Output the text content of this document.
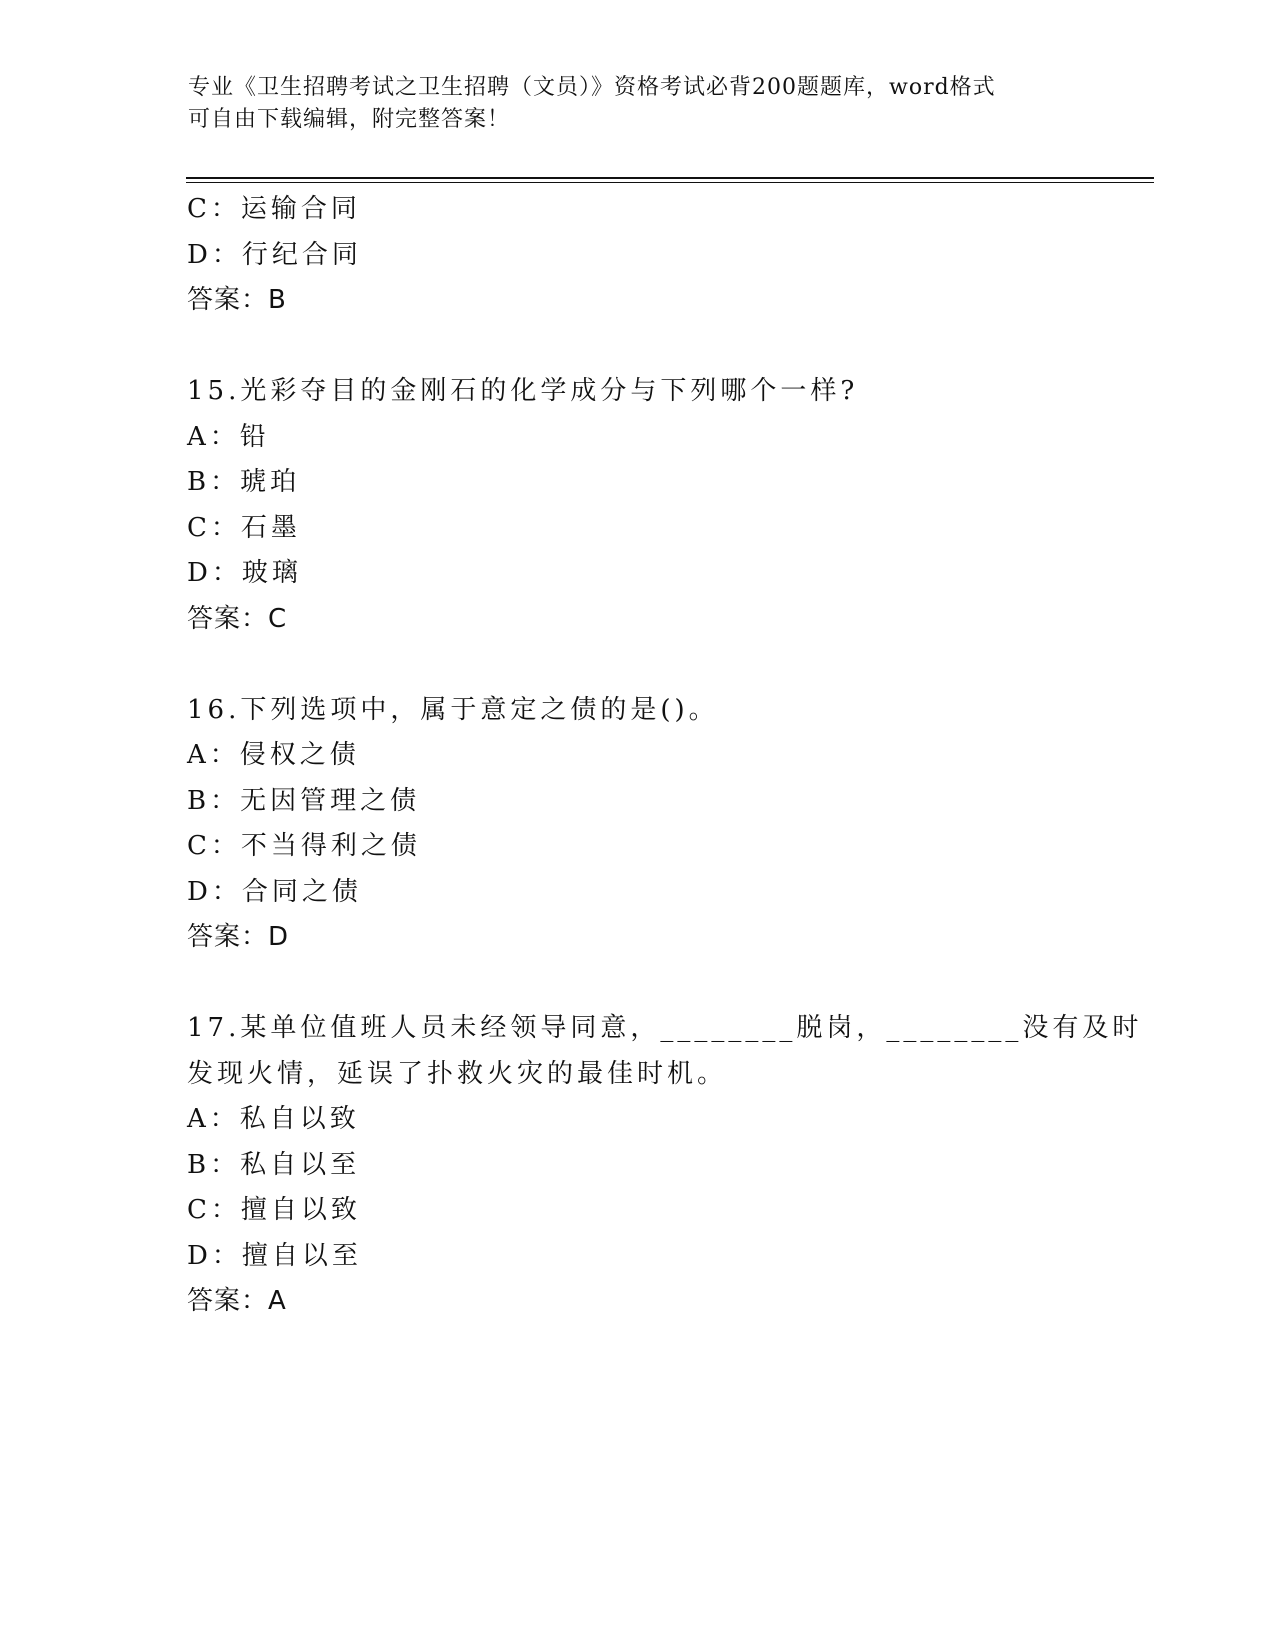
专业《卫生招聘考试之卫生招聘（文员）》资格考试必背200题题库，word格式
可自由下载编辑，附完整答案！
C：运输合同
D：行纪合同
答案：B
15.光彩夺目的金刚石的化学成分与下列哪个一样?
A：铅
B：琥珀
C：石墨
D：玻璃
答案：C
16.下列选项中，属于意定之债的是()。
A：侵权之债
B：无因管理之债
C：不当得利之债
D：合同之债
答案：D
17.某单位值班人员未经领导同意，________脱岗，________没有及时
发现火情，延误了扑救火灾的最佳时机。
A：私自以致
B：私自以至
C：擅自以致
D：擅自以至
答案：A
